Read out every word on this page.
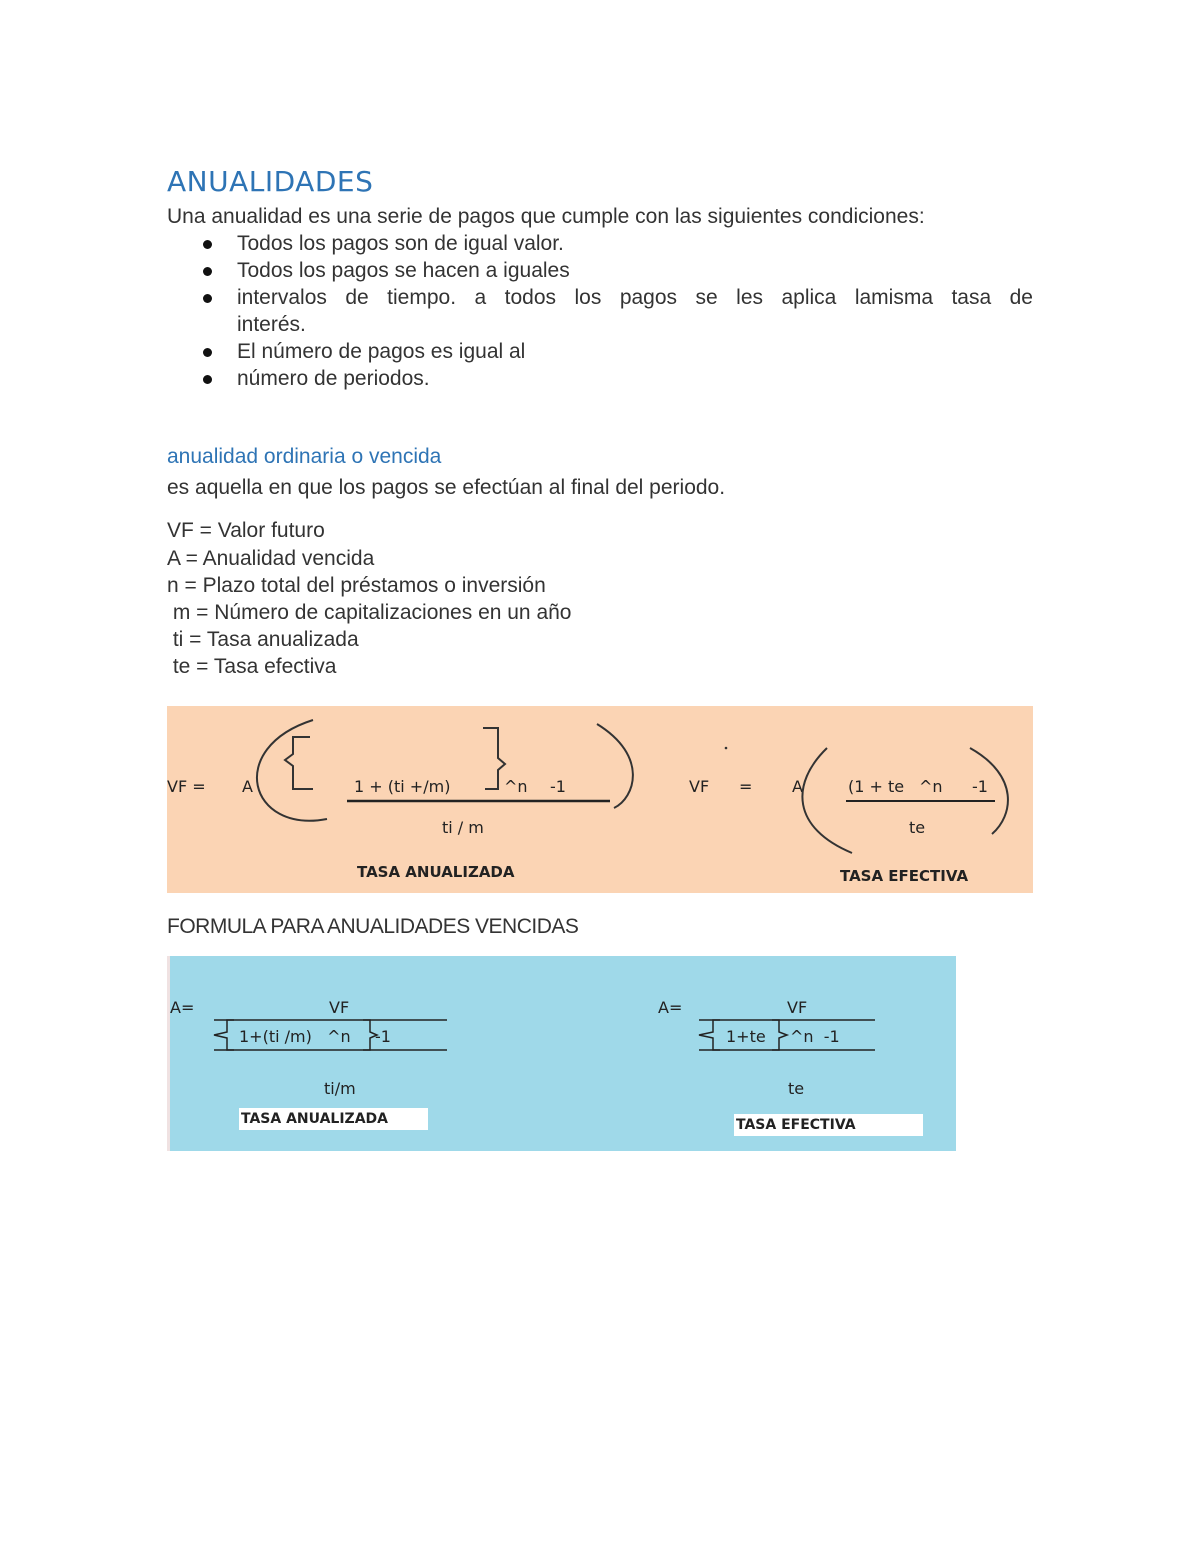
ANUALIDADES
Una anualidad es una serie de pagos que cumple con las siguientes condiciones:
Todos los pagos son de igual valor.
Todos los pagos se hacen a iguales
intervalos de tiempo. a todos los pagos se les aplica lamisma tasa de
interés.
El número de pagos es igual al
número de periodos.
anualidad ordinaria o vencida
es aquella en que los pagos se efectúan al final del periodo.
VF = Valor futuro
A = Anualidad vencida
n = Plazo total del préstamos o inversión
m = Número de capitalizaciones en un año
ti = Tasa anualizada
te = Tasa efectiva
VF = A	1 + (ti +/m)	^n -1
ti / m
VF = A	(1 + te ^n -1
te
TASA ANUALIZADA	TASA EFECTIVA
FORMULA PARA ANUALIDADES VENCIDAS
A=	VF
1+(ti /m)   ^n -1
ti/m
A=	VF
1+te ^n  -1
te
TASA ANUALIZADA	TASA EFECTIVA
